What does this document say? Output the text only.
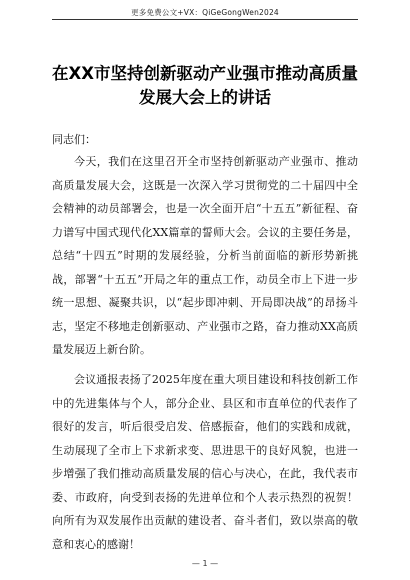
更多免费公文+VX：QiGeGongWen2024
在XX市坚持创新驱动产业强市推动高质量发展大会上的讲话
同志们：

今天，我们在这里召开全市坚持创新驱动产业强市、推动高质量发展大会，这既是一次深入学习贯彻党的二十届四中全会精神的动员部署会，也是一次全面开启“十五五”新征程、奋力谱写中国式现代化XX篇章的誓师大会。会议的主要任务是，总结“十四五”时期的发展经验，分析当前面临的新形势新挑战，部署“十五五”开局之年的重点工作，动员全市上下进一步统一思想、凝聚共识，以“起步即冲刺、开局即决战”的昂扬斗志，坚定不移地走创新驱动、产业强市之路，奋力推动XX高质量发展迈上新台阶。

会议通报表扬了2025年度在重大项目建设和科技创新工作中的先进集体与个人，部分企业、县区和市直单位的代表作了很好的发言，听后很受启发、倍感振奋，他们的实践和成就，生动展现了全市上下求新求变、思进思干的良好风貌，也进一步增强了我们推动高质量发展的信心与决心，在此，我代表市委、市政府，向受到表扬的先进单位和个人表示热烈的祝贺！向所有为双发展作出贡献的建设者、奋斗者们，致以崇高的敬意和衷心的感谢！

— 1 —
